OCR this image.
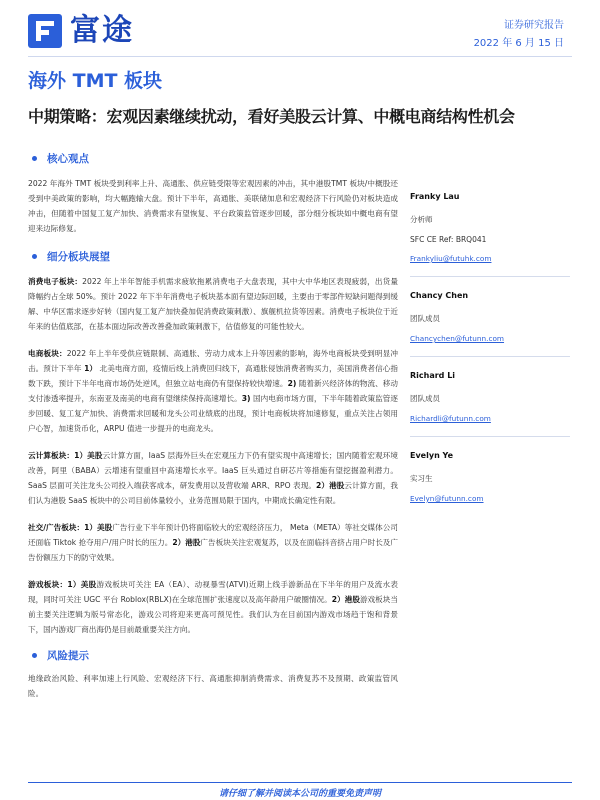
富途	证券研究报告
2022 年 6 月 15 日
海外 TMT 板块
中期策略：宏观因素继续扰动，看好美股云计算、中概电商结构性机会
核心观点

2022 年海外 TMT 板块受到利率上升、高通胀、供应链受限等宏观因素的冲击，其中港股TMT 板块/中概股还受到中美政策的影响，均大幅跑输大盘。预计下半年，高通胀、美联储加息和宏观经济下行风险仍对板块造成冲击，但随着中国复工复产加快、消费需求有望恢复、平台政策监管逐步回暖，部分细分板块如中概电商有望迎来边际修复。

细分板块展望

消费电子板块：2022 年上半年智能手机需求疲软拖累消费电子大盘表现，其中大中华地区表现疲弱，出货量降幅约占全球 50%。预计 2022 年下半年消费电子板块基本面有望边际回暖，主要由于零部件短缺问题得到缓解、中华区需求逐步好转（国内复工复产加快叠加促消费政策刺激）、旗舰机拉货等因素。消费电子板块位于近年来的估值底部，在基本面边际改善改善叠加政策刺激下，估值修复的可能性较大。

电商板块：2022 年上半年受供应链限制、高通胀、劳动力成本上升等因素的影响，海外电商板块受到明显冲击。预计下半年 1） 北美电商方面，疫情后线上消费回归线下，高通胀侵蚀消费者购买力，美国消费者信心指数下跌，预计下半年电商市场仍处逆风，但独立站电商仍有望保持较快增速。2) 随着新兴经济体的物流、移动支付渗透率提升，东南亚及南美的电商有望继续保持高速增长。3) 国内电商市场方面，下半年随着政策监管逐步回暖、复工复产加快、消费需求回暖和龙头公司业绩底的出现，预计电商板块将加速修复，重点关注占领用户心智，加速货币化，ARPU 值进一步提升的电商龙头。

云计算板块：1）美股云计算方面，IaaS 层海外巨头在宏观压力下仍有望实现中高速增长；国内随着宏观环境改善，阿里（BABA）云增速有望重回中高速增长水平。IaaS 巨头通过自研芯片等措施有望挖掘盈利潜力。SaaS 层面可关注龙头公司投入端获客成本，研发费用以及营收端 ARR、RPO 表现。2）港股云计算方面，我们认为港股 SaaS 板块中的公司目前体量较小，业务范围局限于国内，中期成长确定性有限。

社交/广告板块：1）美股广告行业下半年预计仍将面临较大的宏观经济压力， Meta（META）等社交媒体公司还面临 Tiktok 抢夺用户/用户时长的压力。2）港股广告板块关注宏观复苏，以及在面临抖音挤占用户时长及广告份额压力下的防守效果。

游戏板块：1）美股游戏板块可关注 EA（EA）、动视暴雪(ATVI)近期上线手游新品在下半年的用户及流水表现，同时可关注 UGC 平台 Roblox(RBLX)在全球范围扩张速度以及高年龄用户破圈情况。2）港股游戏板块当前主要关注逻辑为版号常态化，游戏公司将迎来更高可预见性。我们认为在目前国内游戏市场趋于饱和背景下，国内游戏厂商出海仍是目前最重要关注方向。

风险提示

地缘政治风险、利率加速上行风险、宏观经济下行、高通胀抑制消费需求、消费复苏不及预期、政策监管风险。

Franky Lau
分析师
SFC CE Ref: BRQ041
Frankyliu@futuhk.com
Chancy Chen
团队成员
Chancychen@futunn.com
Richard Li
团队成员
Richardli@futunn.com
Evelyn Ye
实习生
Evelyn@futunn.com
请仔细了解并阅读本公司的重要免责声明
